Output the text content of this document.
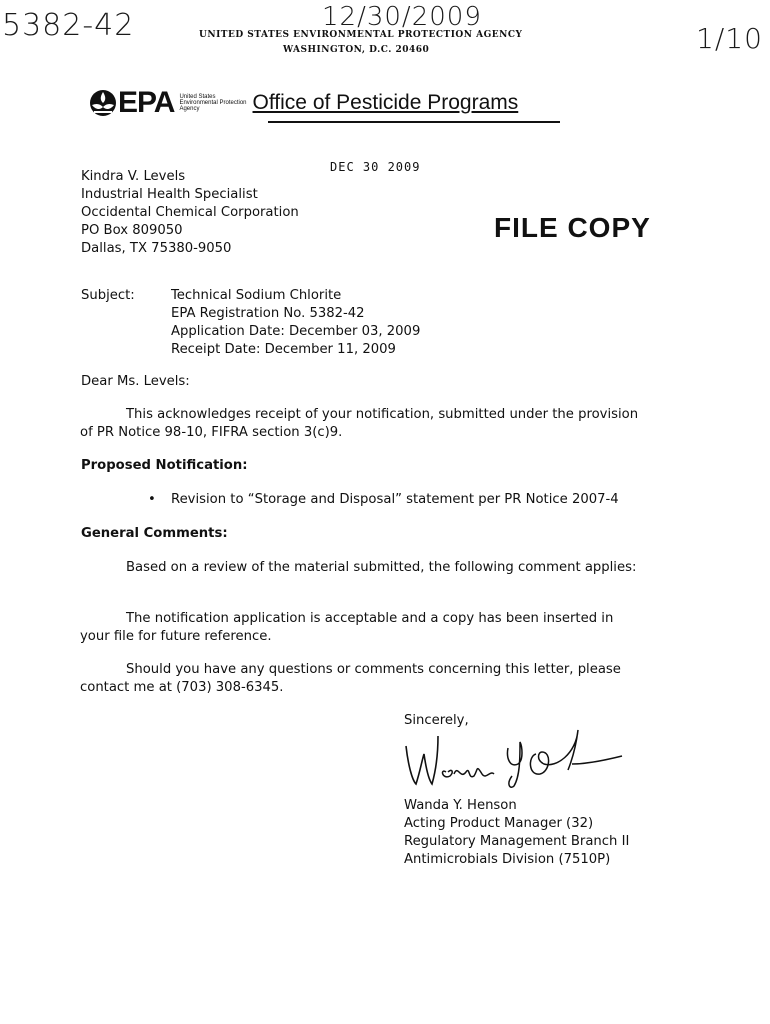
5382-42	12/30/2009
1/10
UNITED STATES ENVIRONMENTAL PROTECTION AGENCY
WASHINGTON, D.C. 20460
EPA United States
Environmental Protection
Agency	Office of Pesticide Programs
DEC 30 2009
FILE COPY
Kindra V. Levels
Industrial Health Specialist
Occidental Chemical Corporation
PO Box 809050
Dallas, TX 75380-9050
Subject:	Technical Sodium Chlorite
EPA Registration No. 5382-42
Application Date: December 03, 2009
Receipt Date: December 11, 2009
Dear Ms. Levels:
This acknowledges receipt of your notification, submitted under the provision of PR Notice 98-10, FIFRA section 3(c)9.
Proposed Notification:
• Revision to “Storage and Disposal” statement per PR Notice 2007-4
General Comments:
Based on a review of the material submitted, the following comment applies:
The notification application is acceptable and a copy has been inserted in your file for future reference.
Should you have any questions or comments concerning this letter, please contact me at (703) 308-6345.
Sincerely,
Wanda Y. Henson
Acting Product Manager (32)
Regulatory Management Branch II
Antimicrobials Division (7510P)
